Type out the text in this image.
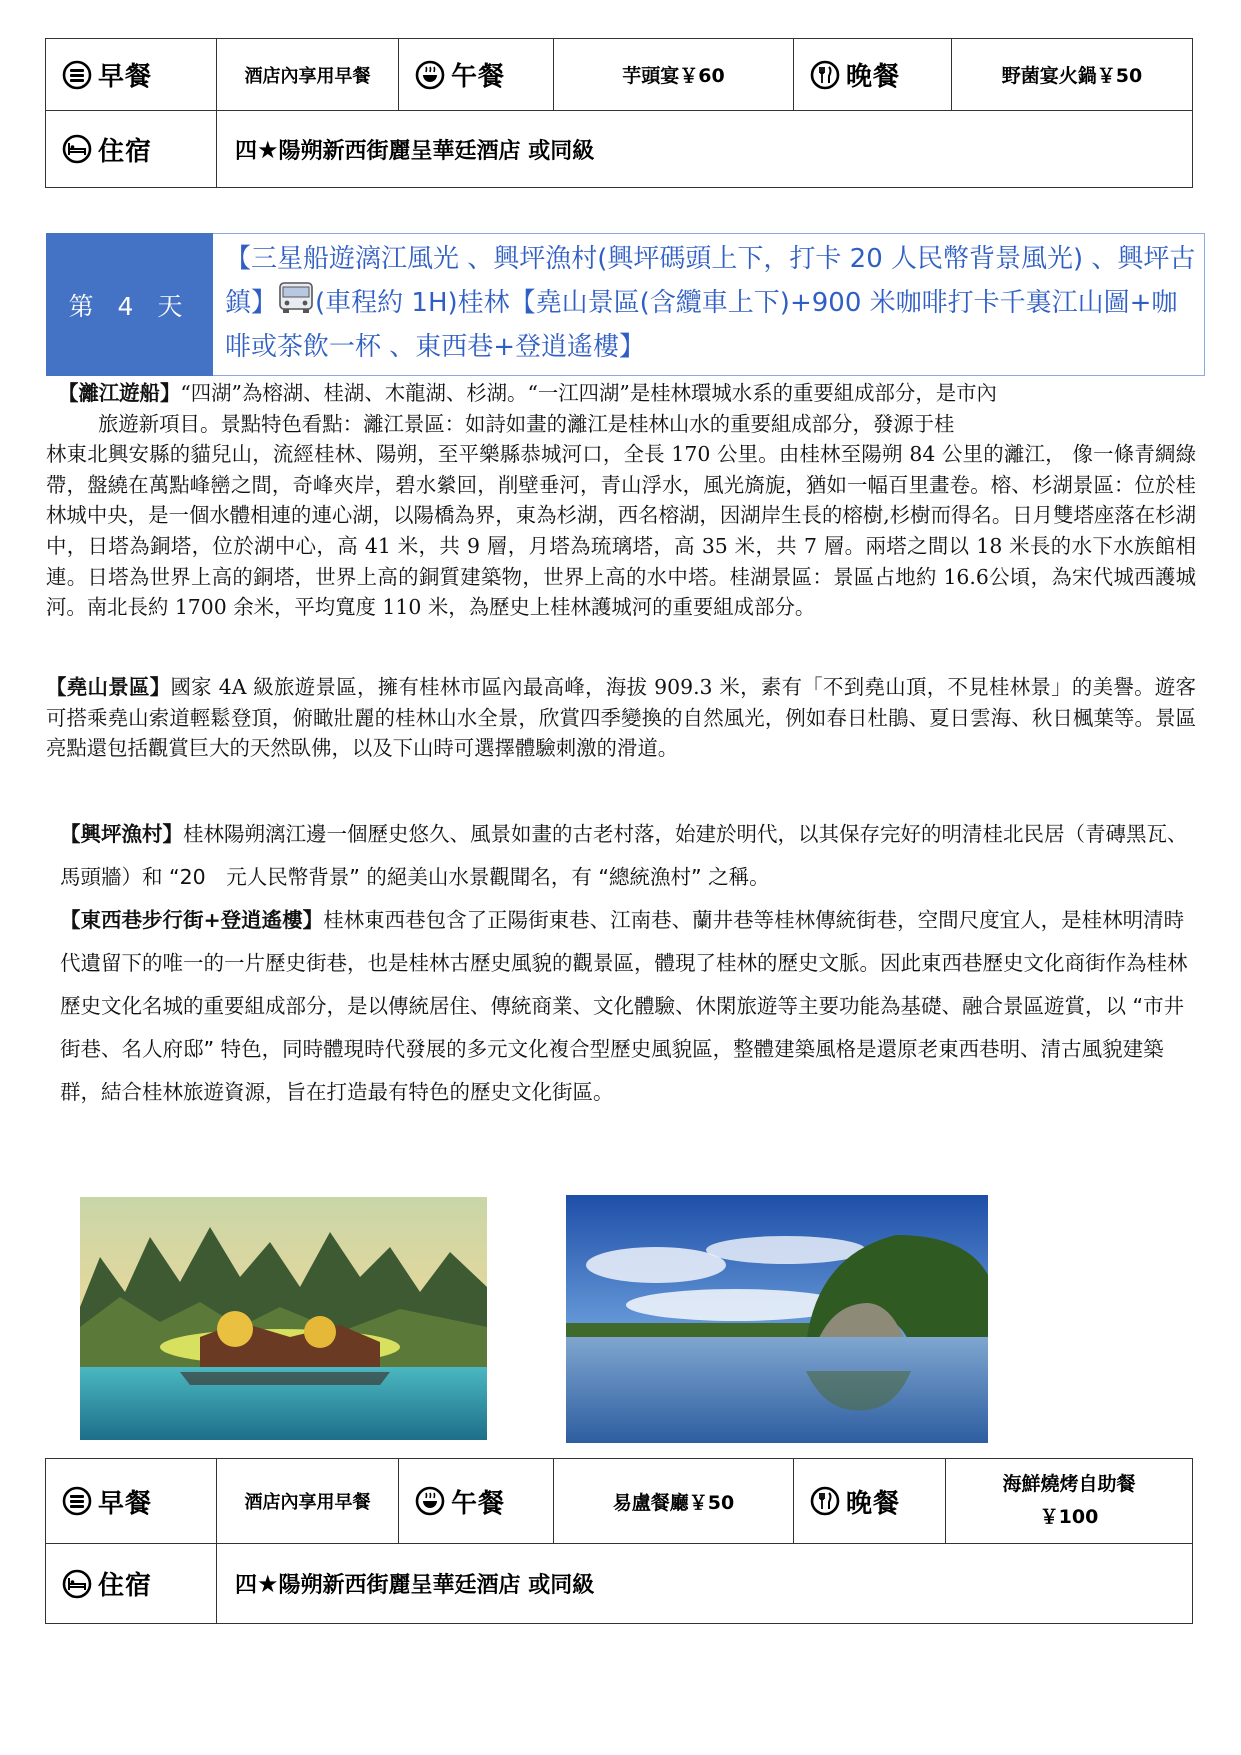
早餐	酒店內享用早餐	午餐	芋頭宴￥60	晚餐	野菌宴火鍋￥50

住宿	四★陽朔新西街麗呈華廷酒店 或同級				
第 4 天
【三星船遊漓江風光 、興坪漁村(興坪碼頭上下，打卡 20 人民幣背景風光) 、興坪古鎮】 (車程約 1H)桂林【堯山景區(含纜車上下)+900 米咖啡打卡千裏江山圖+咖啡或茶飲一杯 、東西巷+登逍遙樓】
【灕江遊船】“四湖”為榕湖、桂湖、木龍湖、杉湖。“一江四湖”是桂林環城水系的重要組成部分，是市內
旅遊新項目。景點特色看點：灕江景區：如詩如畫的灕江是桂林山水的重要組成部分，發源于桂
林東北興安縣的貓兒山，流經桂林、陽朔，至平樂縣恭城河口，全長 170 公里。由桂林至陽朔 84 公里的灕江， 像一條青綢綠帶，盤繞在萬點峰巒之間，奇峰夾岸，碧水縈回，削壁垂河，青山浮水，風光旖旎，猶如一幅百里畫卷。榕、杉湖景區：位於桂林城中央，是一個水體相連的連心湖，以陽橋為界，東為杉湖，西名榕湖，因湖岸生長的榕樹,杉樹而得名。日月雙塔座落在杉湖中，日塔為銅塔，位於湖中心，高 41 米，共 9 層，月塔為琉璃塔，高 35 米，共 7 層。兩塔之間以 18 米長的水下水族館相連。日塔為世界上高的銅塔，世界上高的銅質建築物，世界上高的水中塔。桂湖景區：景區占地約 16.6公頃，為宋代城西護城河。南北長約 1700 余米，平均寬度 110 米，為歷史上桂林護城河的重要組成部分。
【堯山景區】國家 4A 級旅遊景區，擁有桂林市區內最高峰，海拔 909.3 米，素有「不到堯山頂，不見桂林景」的美譽。遊客可搭乘堯山索道輕鬆登頂，俯瞰壯麗的桂林山水全景，欣賞四季變換的自然風光，例如春日杜鵑、夏日雲海、秋日楓葉等。景區亮點還包括觀賞巨大的天然臥佛，以及下山時可選擇體驗刺激的滑道。

【興坪漁村】桂林陽朔漓江邊一個歷史悠久、風景如畫的古老村落，始建於明代，以其保存完好的明清桂北民居（青磚黑瓦、馬頭牆）和 “20　元人民幣背景” 的絕美山水景觀聞名，有 “總統漁村” 之稱。

【東西巷步行街+登逍遙樓】桂林東西巷包含了正陽街東巷、江南巷、蘭井巷等桂林傳統街巷，空間尺度宜人，是桂林明清時代遺留下的唯一的一片歷史街巷，也是桂林古歷史風貌的觀景區，體現了桂林的歷史文脈。因此東西巷歷史文化商街作為桂林歷史文化名城的重要組成部分，是以傳統居住、傳統商業、文化體驗、休閑旅遊等主要功能為基礎、融合景區遊賞，以 “市井街巷、名人府邸” 特色，同時體現時代發展的多元文化複合型歷史風貌區，整體建築風格是還原老東西巷明、清古風貌建築群，結合桂林旅遊資源，旨在打造最有特色的歷史文化街區。

早餐	酒店內享用早餐	午餐	易盧餐廳￥50	晚餐	海鮮燒烤自助餐
￥100

住宿	四★陽朔新西街麗呈華廷酒店 或同級				
